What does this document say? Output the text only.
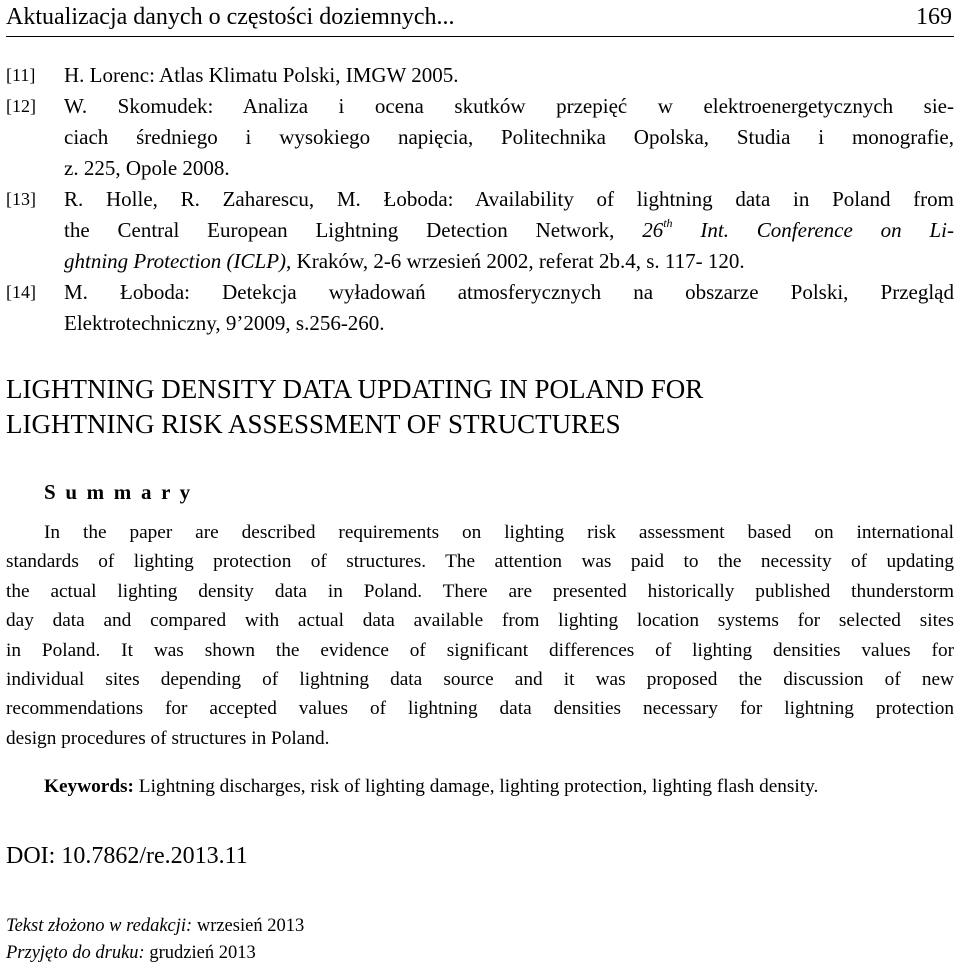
Aktualizacja danych o częstości doziemnych...	169
[11]	H. Lorenc: Atlas Klimatu Polski, IMGW 2005.
[12]	W. Skomudek: Analiza i ocena skutków przepięć w elektroenergetycznych sie-
ciach średniego i wysokiego napięcia, Politechnika Opolska, Studia i monografie,
z. 225, Opole 2008.
[13]	R. Holle, R. Zaharescu, M. Łoboda: Availability of lightning data in Poland from
the Central European Lightning Detection Network, 26th Int. Conference on Li-
ghtning Protection (ICLP), Kraków, 2-6 wrzesień 2002, referat 2b.4, s. 117- 120.
[14]	M. Łoboda: Detekcja wyładowań atmosferycznych na obszarze Polski, Przegląd
Elektrotechniczny, 9’2009, s.256-260.
LIGHTNING DENSITY DATA UPDATING IN POLAND FOR
LIGHTNING RISK ASSESSMENT OF STRUCTURES
S u m m a r y
In the paper are described requirements on lighting risk assessment based on international
standards of lighting protection of structures. The attention was paid to the necessity of updating
the actual lighting density data in Poland. There are presented historically published thunderstorm
day data and compared with actual data available from lighting location systems for selected sites
in Poland. It was shown the evidence of significant differences of lighting densities values for
individual sites depending of lightning data source and it was proposed the discussion of new
recommendations for accepted values of lightning data densities necessary for lightning protection
design procedures of structures in Poland.
Keywords: Lightning discharges, risk of lighting damage, lighting protection, lighting flash density.
DOI: 10.7862/re.2013.11
Tekst złożono w redakcji: wrzesień 2013
Przyjęto do druku: grudzień 2013
